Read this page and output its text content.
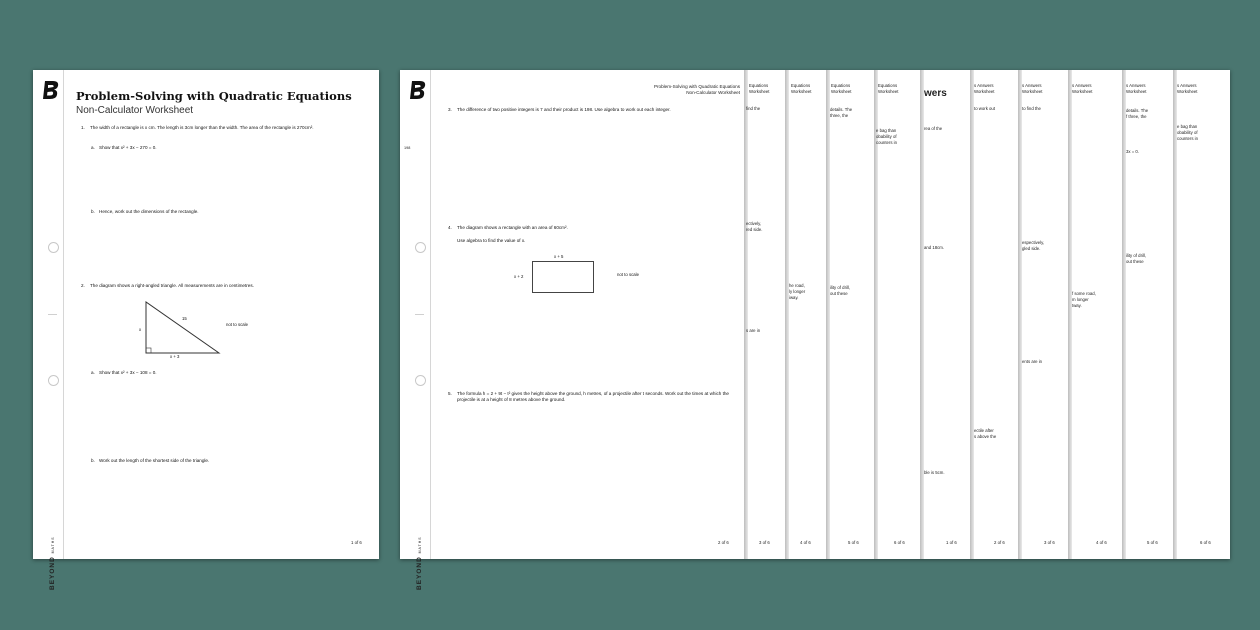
BEYOND MATHS
Problem-Solving with Quadratic Equations
Non-Calculator Worksheet
1. The width of a rectangle is x cm. The length is 3cm longer than the width. The area of the rectangle is 270cm².
a. Show that x² + 3x − 270 = 0.
b. Hence, work out the dimensions of the rectangle.
2. The diagram shows a right-angled triangle. All measurements are in centimetres.
15
x
x + 3
not to scale
a. Show that x² + 3x − 108 = 0.
b. Work out the length of the shortest side of the triangle.
1 of 6
BEYOND MATHS
198
Problem-Solving with Quadratic Equations
Non-Calculator Worksheet
3. The difference of two positive integers is 7 and their product is 198. Use algebra to work out each integer.
4. The diagram shows a rectangle with an area of 60cm².
Use algebra to find the value of x.
x + 5
x + 2	not to scale
5. The formula h = 2 + 9t − t² gives the height above the ground, h metres, of a projectile after t seconds. Work out the times at which the projectile is at a height of 8 metres above the ground.
2 of 6
Equations
Worksheet
find the
ectively,
red side.
s are in
Equations
Worksheet
he road,
ly longer
iway.
Equations
Worksheet
details. The
three, the
ility of drill,
out these
Equations
Worksheet
e bag than
obability of
counters in
wers
rea of the
and 18cm.
ble is 5cm.
s Answers
Worksheet
to work out
ectile after
s above the
s Answers
Worksheet
to find the
espectively,
gled side.
ents are in
s Answers
Worksheet
f some road,
m longer
tway.
s Answers
Worksheet
details. The
f three, the
3x = 0.
ility of drill,
out these
s Answers
Worksheet
e bag than
obability of
counters in
3 of 6	4 of 6	5 of 6	6 of 6	1 of 6	2 of 6	3 of 6	4 of 6	5 of 6	6 of 6
